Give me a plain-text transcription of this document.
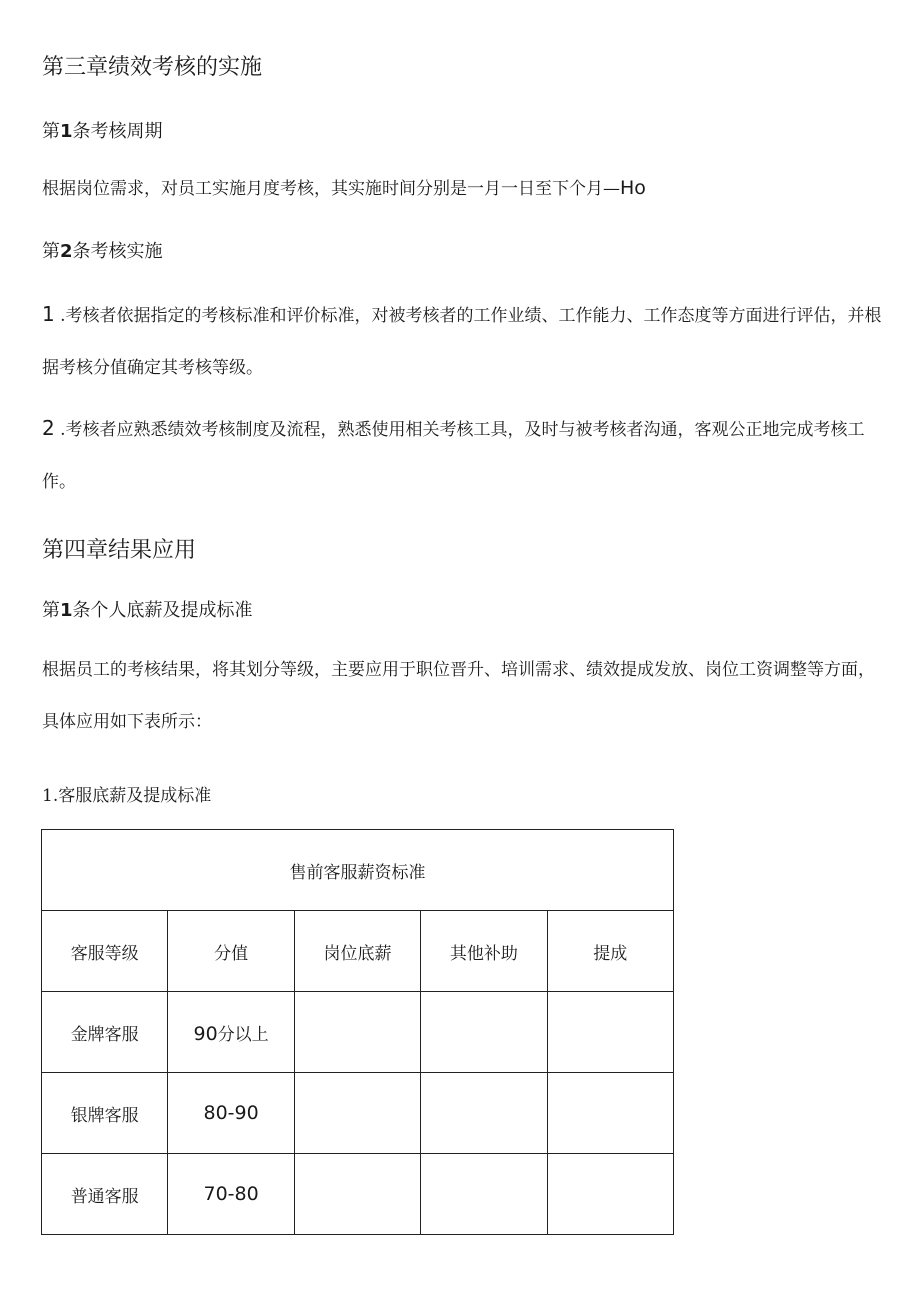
第三章绩效考核的实施
第1条考核周期
根据岗位需求，对员工实施月度考核，其实施时间分别是一月一日至下个月—Ho
第2条考核实施
1 .考核者依据指定的考核标准和评价标准，对被考核者的工作业绩、工作能力、工作态度等方面进行评估，并根据考核分值确定其考核等级。
2 .考核者应熟悉绩效考核制度及流程，熟悉使用相关考核工具，及时与被考核者沟通，客观公正地完成考核工作。
第四章结果应用
第1条个人底薪及提成标准
根据员工的考核结果，将其划分等级，主要应用于职位晋升、培训需求、绩效提成发放、岗位工资调整等方面，具体应用如下表所示：
1.客服底薪及提成标准
售前客服薪资标准				
客服等级	分值	岗位底薪	其他补助	提成
金牌客服	90分以上			
银牌客服	80-90			
普通客服	70-80			
